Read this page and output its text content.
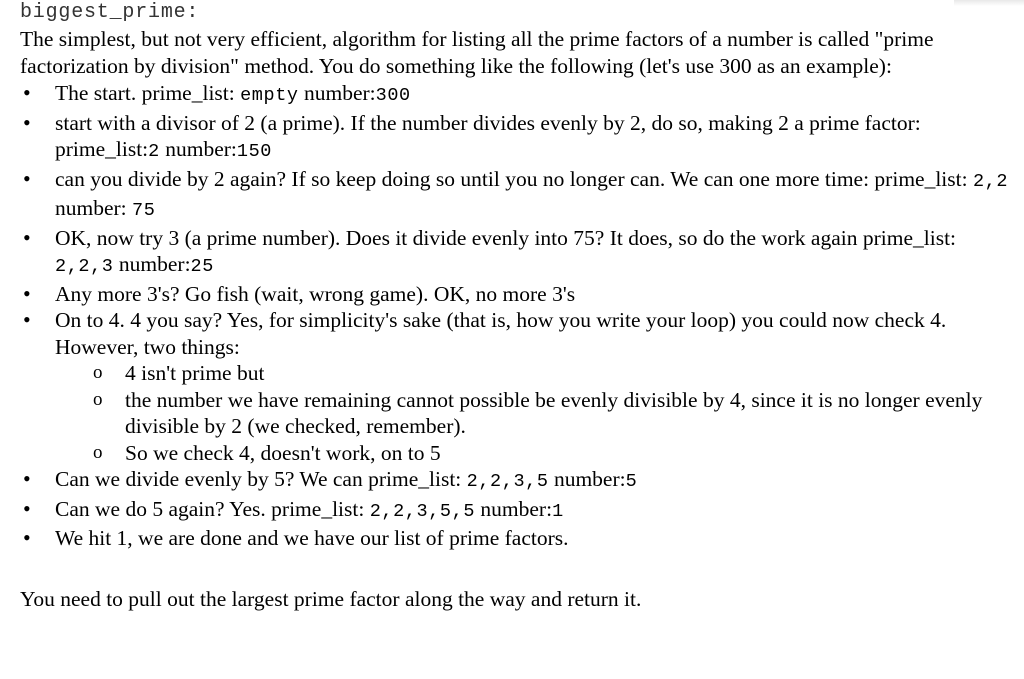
biggest_prime:

The simplest, but not very efficient, algorithm for listing all the prime factors of a number is called "prime factorization by division" method. You do something like the following (let's use 300 as an example):

• The start. prime_list: empty number:300
• start with a divisor of 2 (a prime). If the number divides evenly by 2, do so, making 2 a prime factor: prime_list:2 number:150
• can you divide by 2 again? If so keep doing so until you no longer can. We can one more time: prime_list: 2,2 number: 75
• OK, now try 3 (a prime number). Does it divide evenly into 75? It does, so do the work again prime_list: 2,2,3 number:25
• Any more 3's? Go fish (wait, wrong game). OK, no more 3's
• On to 4. 4 you say? Yes, for simplicity's sake (that is, how you write your loop) you could now check 4. However, two things:
o 4 isn't prime but
o the number we have remaining cannot possible be evenly divisible by 4, since it is no longer evenly divisible by 2 (we checked, remember).
o So we check 4, doesn't work, on to 5
• Can we divide evenly by 5? We can prime_list: 2,2,3,5 number:5
• Can we do 5 again? Yes. prime_list: 2,2,3,5,5 number:1
• We hit 1, we are done and we have our list of prime factors.

You need to pull out the largest prime factor along the way and return it.
